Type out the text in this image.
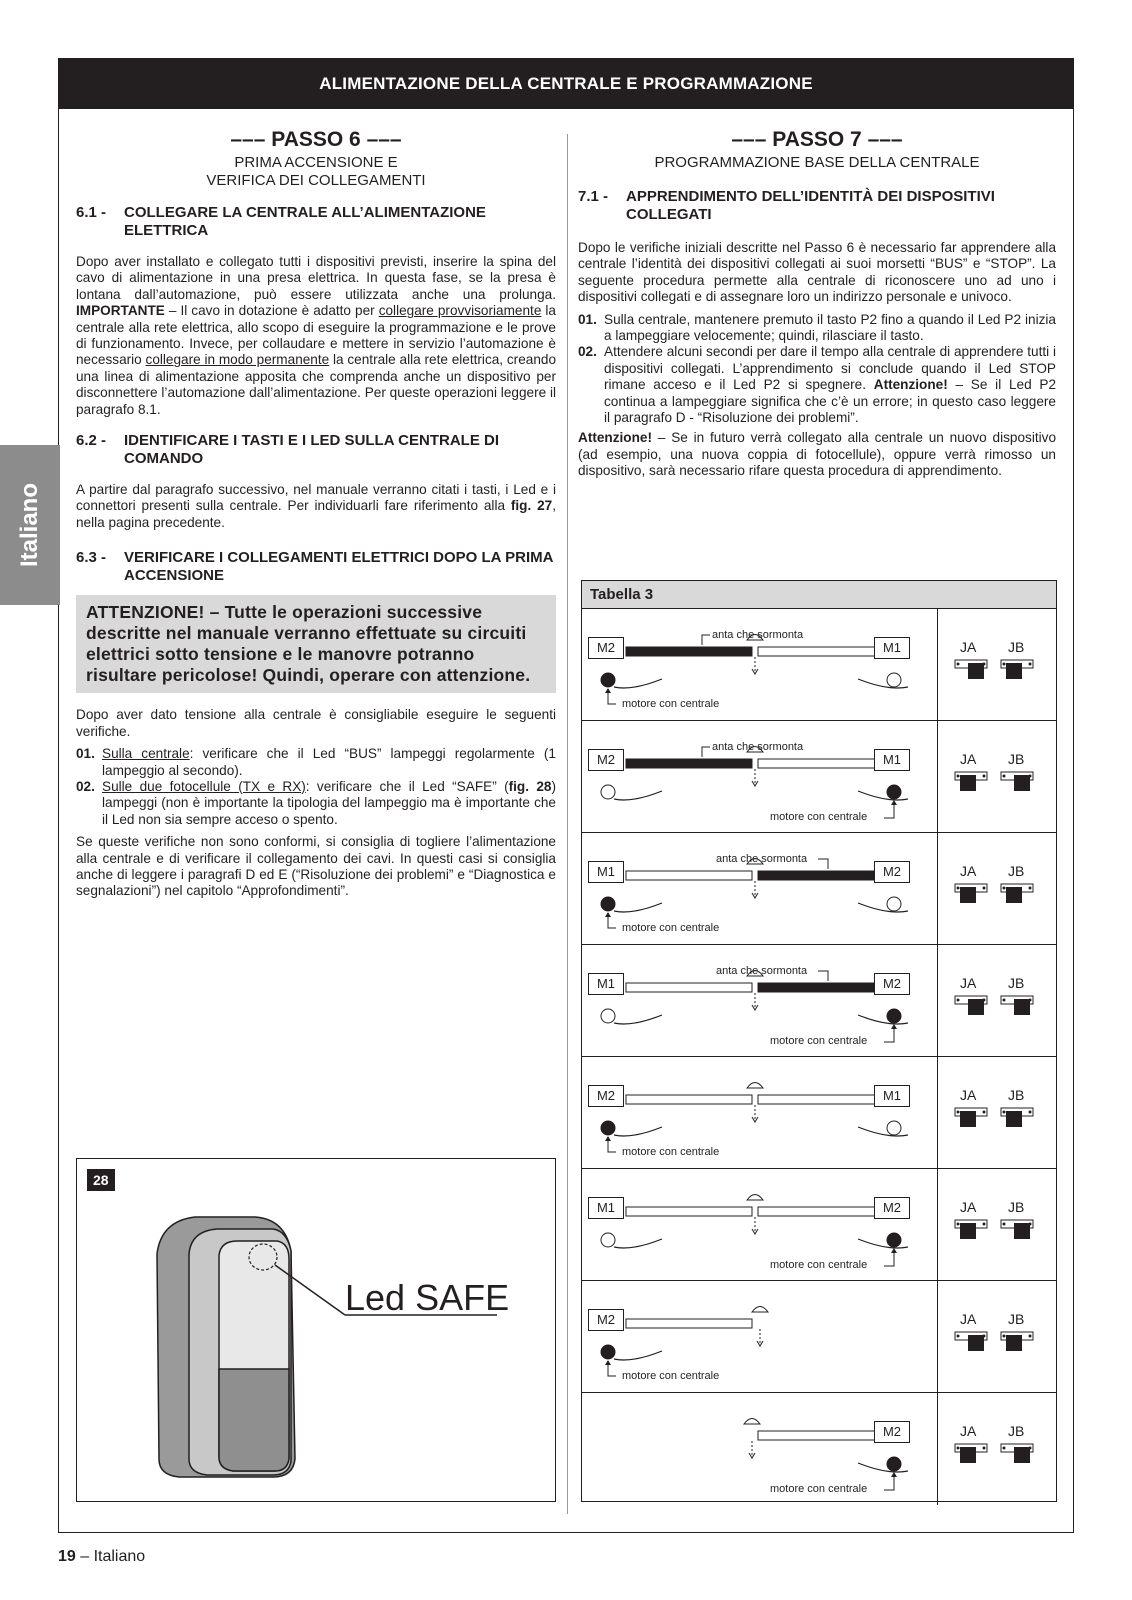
ALIMENTAZIONE DELLA CENTRALE E PROGRAMMAZIONE
Italiano
––– PASSO 6 –––
PRIMA ACCENSIONE E
VERIFICA DEI COLLEGAMENTI
6.1 -	COLLEGARE LA CENTRALE ALL’ALIMENTAZIONE ELETTRICA

Dopo aver installato e collegato tutti i dispositivi previsti, inserire la spina del cavo di alimentazione in una presa elettrica. In questa fase, se la presa è lontana dall’automazione, può essere utilizzata anche una prolunga. IMPORTANTE – Il cavo in dotazione è adatto per collegare provvisoriamente la centrale alla rete elettrica, allo scopo di eseguire la programmazione e le prove di funzionamento. Invece, per collaudare e mettere in servizio l’automazione è necessario collegare in modo permanente la centrale alla rete elettrica, creando una linea di alimentazione apposita che comprenda anche un dispositivo per disconnettere l’automazione dall’alimentazione. Per queste operazioni leggere il paragrafo 8.1.

6.2 -	IDENTIFICARE I TASTI E I LED SULLA CENTRALE DI COMANDO

A partire dal paragrafo successivo, nel manuale verranno citati i tasti, i Led e i connettori presenti sulla centrale. Per individuarli fare riferimento alla fig. 27, nella pagina precedente.

6.3 -	VERIFICARE I COLLEGAMENTI ELETTRICI DOPO LA PRIMA ACCENSIONE
ATTENZIONE! – Tutte le operazioni successive descritte nel manuale verranno effettuate su circuiti elettrici sotto tensione e le manovre potranno risultare pericolose! Quindi, operare con attenzione.

Dopo aver dato tensione alla centrale è consigliabile eseguire le seguenti verifiche.

01. Sulla centrale: verificare che il Led “BUS” lampeggi regolarmente (1 lampeggio al secondo).
02. Sulle due fotocellule (TX e RX): verificare che il Led “SAFE” (fig. 28) lampeggi (non è importante la tipologia del lampeggio ma è importante che il Led non sia sempre acceso o spento.

Se queste verifiche non sono conformi, si consiglia di togliere l’alimentazione alla centrale e di verificare il collegamento dei cavi. In questi casi si consiglia anche di leggere i paragrafi D ed E (“Risoluzione dei problemi” e “Diagnostica e segnalazioni”) nel capitolo “Approfondimenti”.

28
Led SAFE
––– PASSO 7 –––
PROGRAMMAZIONE BASE DELLA CENTRALE
7.1 -	APPRENDIMENTO DELL’IDENTITÀ DEI DISPOSITIVI COLLEGATI

Dopo le verifiche iniziali descritte nel Passo 6 è necessario far apprendere alla centrale l’identità dei dispositivi collegati ai suoi morsetti “BUS” e “STOP”. La seguente procedura permette alla centrale di riconoscere uno ad uno i dispositivi collegati e di assegnare loro un indirizzo personale e univoco.

01. Sulla centrale, mantenere premuto il tasto P2 fino a quando il Led P2 inizia a lampeggiare velocemente; quindi, rilasciare il tasto.
02. Attendere alcuni secondi per dare il tempo alla centrale di apprendere tutti i dispositivi collegati. L’apprendimento si conclude quando il Led STOP rimane acceso e il Led P2 si spegnere. Attenzione! – Se il Led P2 continua a lampeggiare significa che c’è un errore; in questo caso leggere il paragrafo D - “Risoluzione dei problemi”.

Attenzione! – Se in futuro verrà collegato alla centrale un nuovo dispositivo (ad esempio, una nuova coppia di fotocellule), oppure verrà rimosso un dispositivo, sarà necessario rifare questa procedura di apprendimento.

Tabella 3
M2	M1
anta che sormonta
motore con centrale
JA JB
M2	M1
anta che sormonta
motore con centrale
JA JB
M1	M2
anta che sormonta
motore con centrale
JA JB
M1	M2
anta che sormonta
motore con centrale
JA JB
M2	M1
motore con centrale
JA JB
M1	M2
motore con centrale
JA JB
M2
motore con centrale
JA JB
M2
motore con centrale
JA JB
19 – Italiano
